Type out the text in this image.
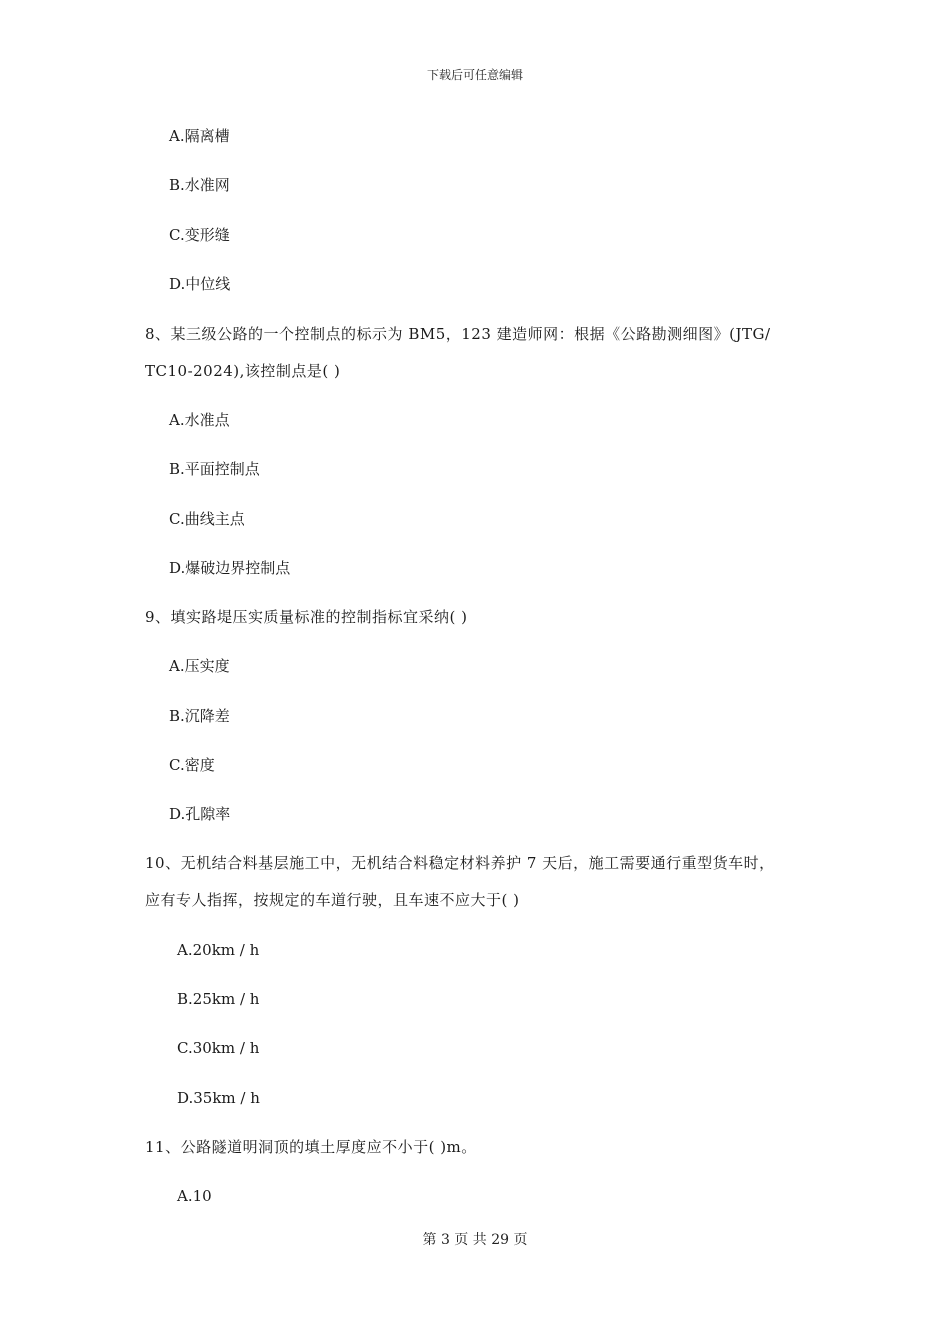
下载后可任意编辑
A.隔离槽
B.水准网
C.变形缝
D.中位线
8、某三级公路的一个控制点的标示为 BM5，123 建造师网：根据《公路勘测细图》(JTG/
TC10-2024),该控制点是( )
A.水准点
B.平面控制点
C.曲线主点
D.爆破边界控制点
9、填实路堤压实质量标准的控制指标宜采纳( )
A.压实度
B.沉降差
C.密度
D.孔隙率
10、无机结合料基层施工中，无机结合料稳定材料养护 7 天后，施工需要通行重型货车时，
应有专人指挥，按规定的车道行驶，且车速不应大于( )
A.20km / h
B.25km / h
C.30km / h
D.35km / h
11、公路隧道明洞顶的填土厚度应不小于( )m。
A.10
第 3 页 共 29 页
